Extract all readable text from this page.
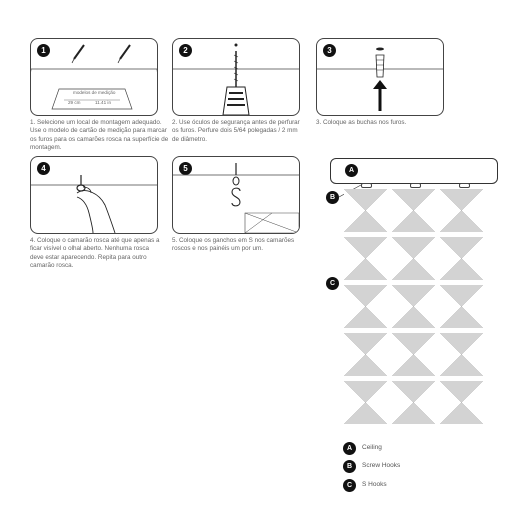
1
modelos de medição
29 cm	11.41 in
1. Selecione um local de montagem adequado. Use o modelo de cartão de medição para marcar os furos para os camarões rosca na superfície de montagem.
2
2. Use óculos de segurança antes de perfurar os furos. Perfure dois 5/64 polegadas / 2 mm de diâmetro.
3
3. Coloque as buchas nos furos.
4
4. Coloque o camarão rosca até que apenas a ficar visível o olhal aberto. Nenhuma rosca deve estar aparecendo. Repita para outro camarão rosca.
5
5. Coloque os ganchos em S nos camarões roscos e nos painéis um por um.
A
B
C
A	Ceiling
B	Screw Hooks
C	S Hooks
